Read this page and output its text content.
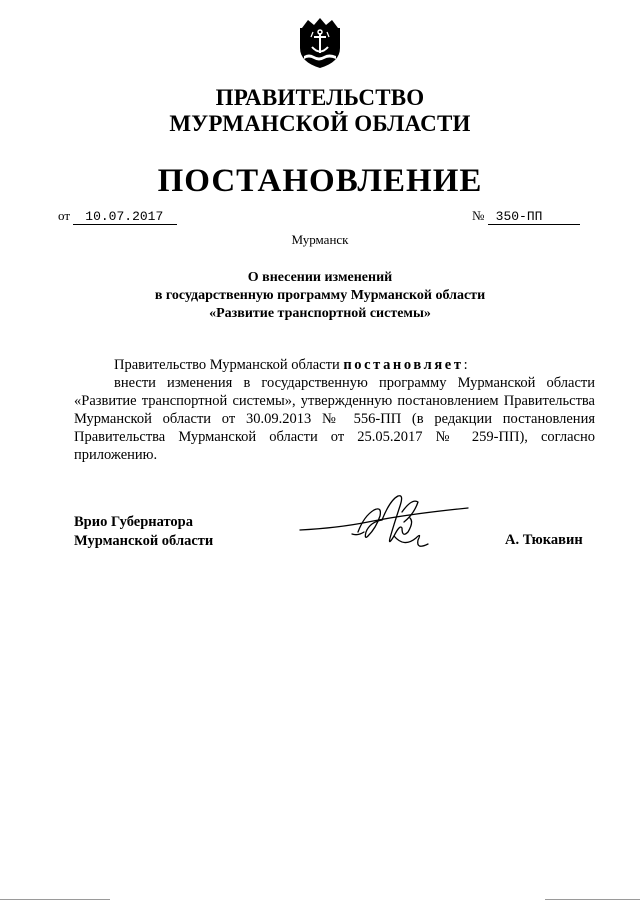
ПРАВИТЕЛЬСТВО
МУРМАНСКОЙ ОБЛАСТИ
ПОСТАНОВЛЕНИЕ
от 10.07.2017	№ 350-ПП
Мурманск
О внесении изменений
в государственную программу Мурманской области
«Развитие транспортной системы»
Правительство Мурманской области постановляет:
внести изменения в государственную программу Мурманской области «Развитие транспортной системы», утвержденную постановлением Правительства Мурманской области от 30.09.2013 № 556-ПП (в редакции постановления Правительства Мурманской области от 25.05.2017 № 259-ПП), согласно приложению.
Врио Губернатора
Мурманской области	А. Тюкавин
